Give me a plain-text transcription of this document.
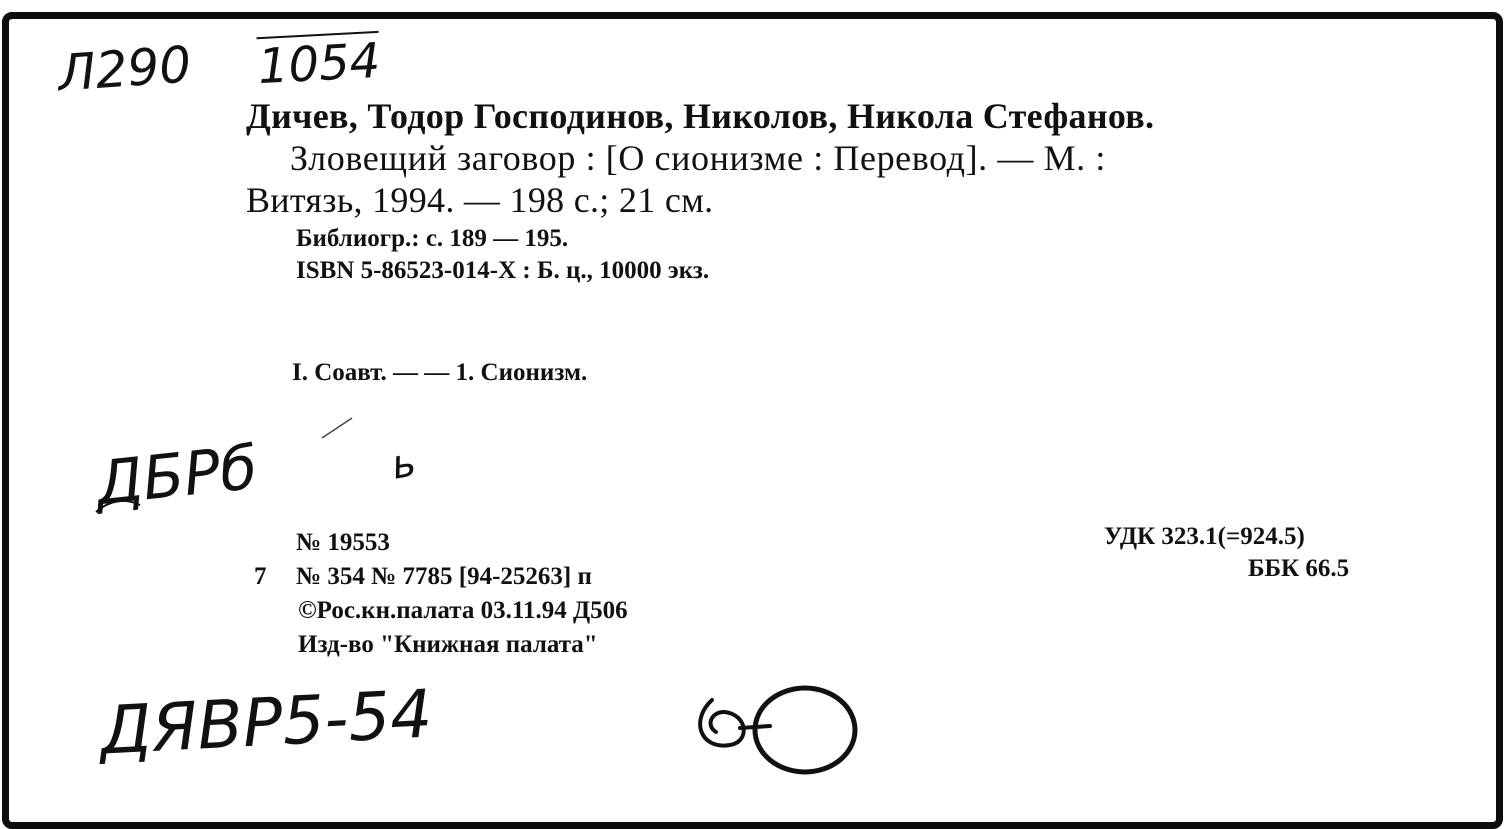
Л290 1054
Дичев, Тодор Господинов, Николов, Никола Стефанов.
Зловещий заговор : [О сионизме : Перевод]. — М. :
Витязь, 1994. — 198 с.; 21 см.
Библиогр.: с. 189 — 195.
ISBN 5-86523-014-Х : Б. ц., 10000 экз.
I. Соавт. — — 1. Сионизм.
ДБРб	ь
№ 19553
7 № 354 № 7785 [94-25263] п
©Рос.кн.палата 03.11.94 Д506
Изд-во "Книжная палата"
УДК 323.1(=924.5)
ББК 66.5
ДЯВР5-54
